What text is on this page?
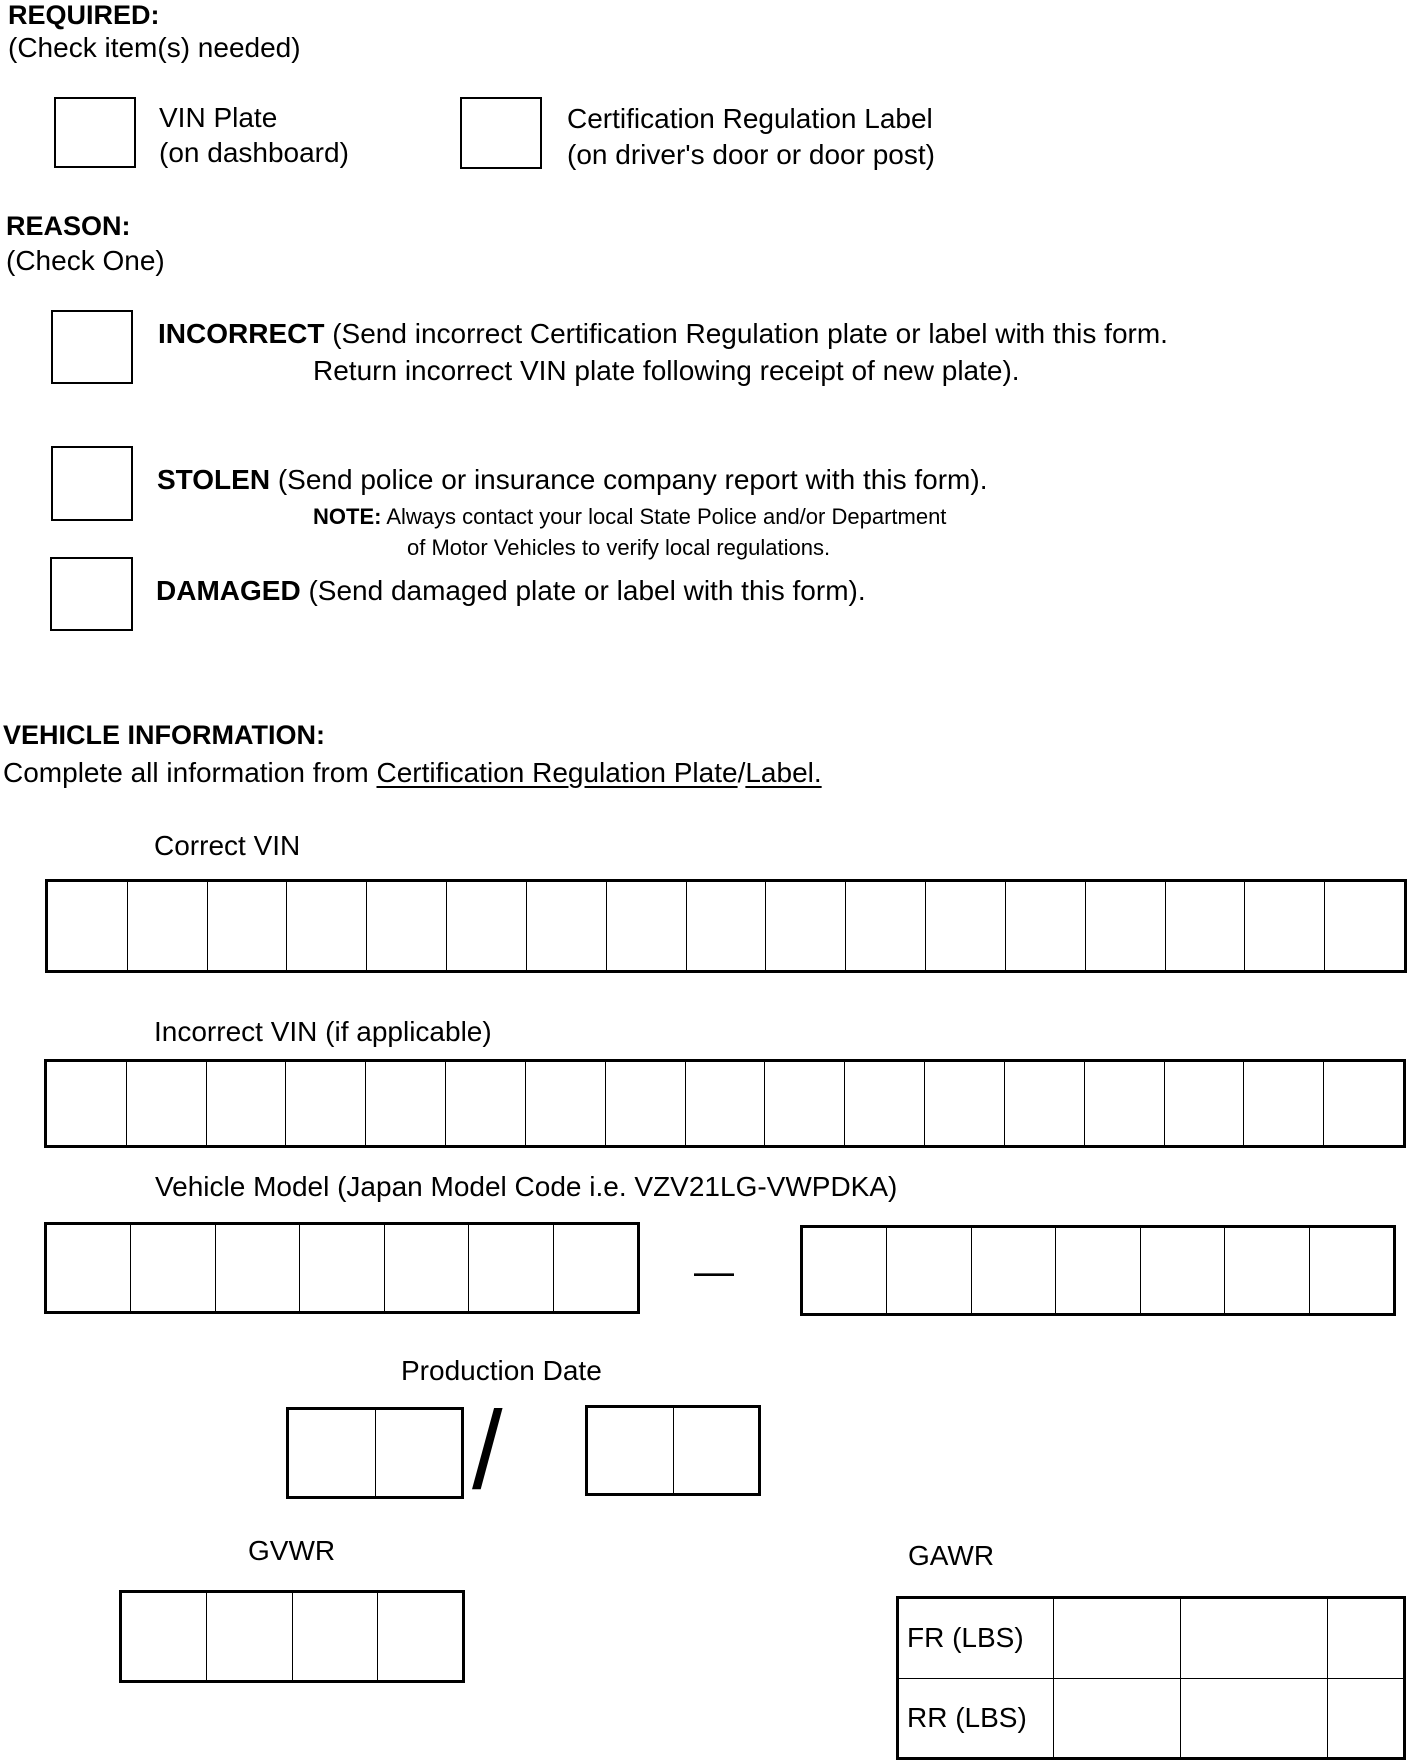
REQUIRED:
(Check item(s) needed)
VIN Plate
(on dashboard)
Certification Regulation Label
(on driver's door or door post)
REASON:
(Check One)
INCORRECT (Send incorrect Certification Regulation plate or label with this form.
Return incorrect VIN plate following receipt of new plate).
STOLEN (Send police or insurance company report with this form).
NOTE: Always contact your local State Police and/or Department
of Motor Vehicles to verify local regulations.
DAMAGED (Send damaged plate or label with this form).
VEHICLE INFORMATION:
Complete all information from Certification Regulation Plate/Label.
Correct VIN
Incorrect VIN (if applicable)
Vehicle Model (Japan Model Code i.e. VZV21LG-VWPDKA)
—
Production Date
/
GVWR	GAWR
FR (LBS)			
RR (LBS)			
